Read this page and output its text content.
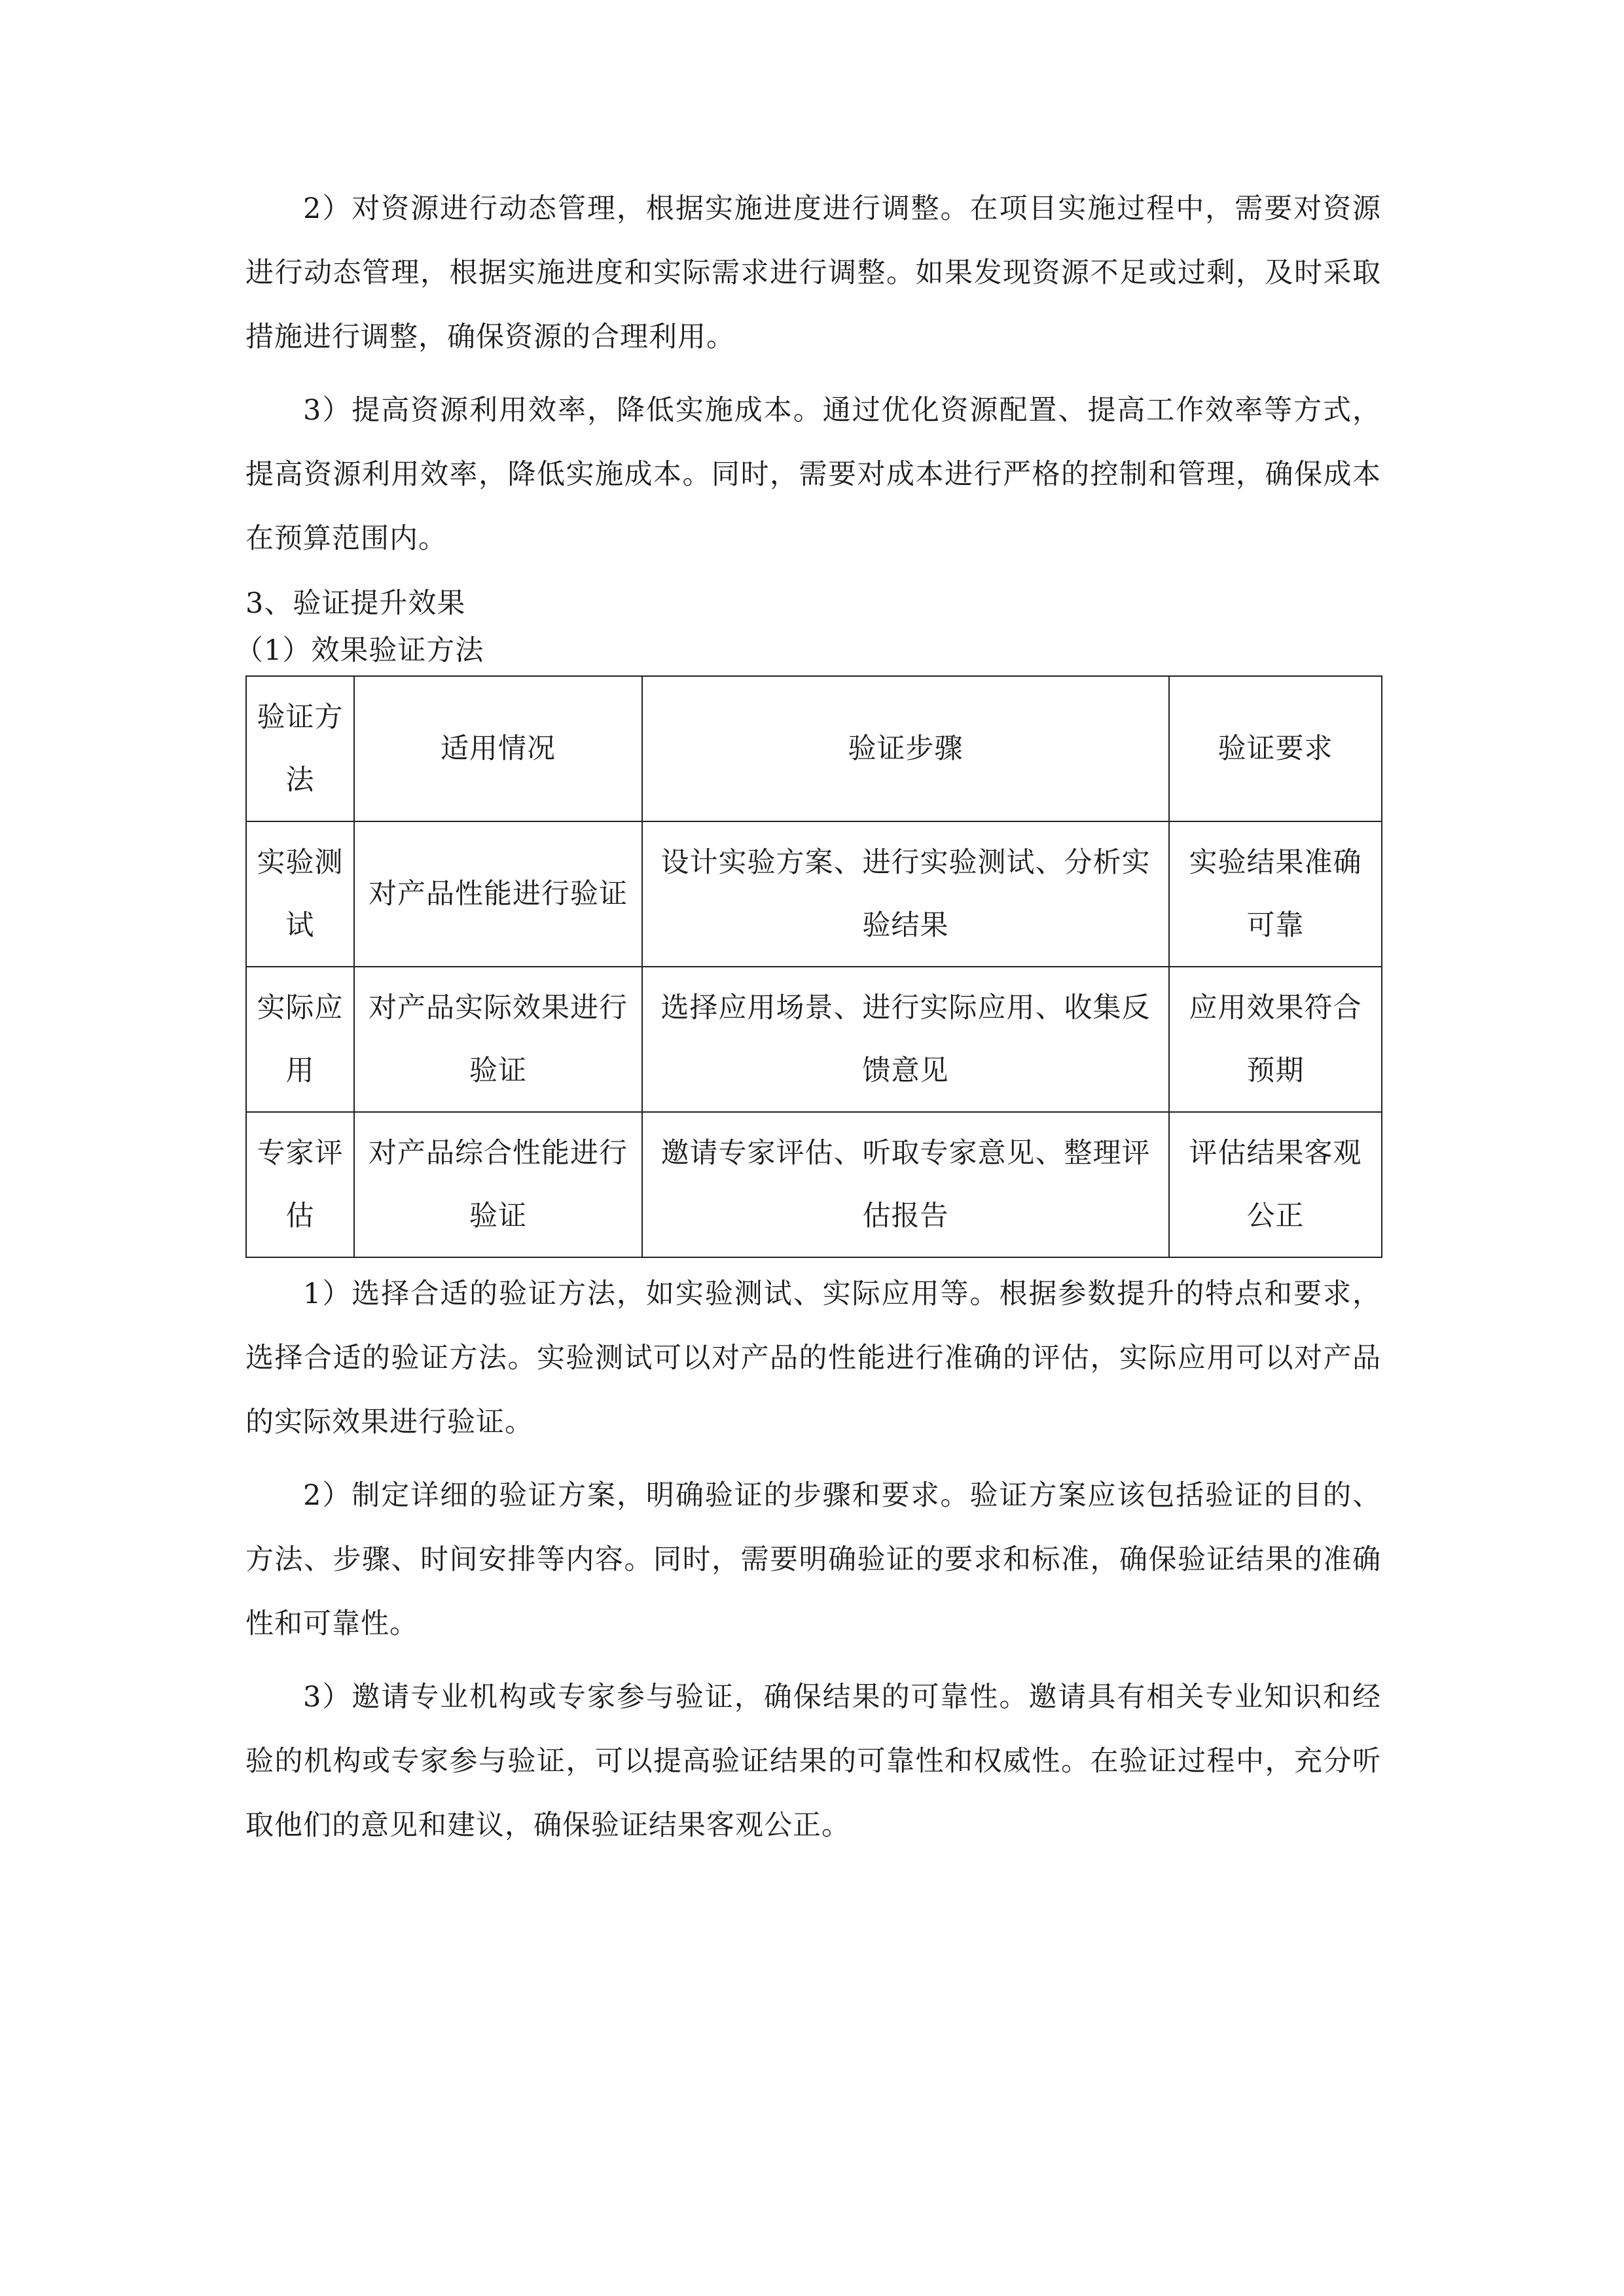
2）对资源进行动态管理，根据实施进度进行调整。在项目实施过程中，需要对资源进行动态管理，根据实施进度和实际需求进行调整。如果发现资源不足或过剩，及时采取措施进行调整，确保资源的合理利用。

3）提高资源利用效率，降低实施成本。通过优化资源配置、提高工作效率等方式，提高资源利用效率，降低实施成本。同时，需要对成本进行严格的控制和管理，确保成本在预算范围内。

3、验证提升效果
（1）效果验证方法
验证方法	适用情况	验证步骤	验证要求
实验测试	对产品性能进行验证	设计实验方案、进行实验测试、分析实验结果	实验结果准确可靠
实际应用	对产品实际效果进行验证	选择应用场景、进行实际应用、收集反馈意见	应用效果符合预期
专家评估	对产品综合性能进行验证	邀请专家评估、听取专家意见、整理评估报告	评估结果客观公正

1）选择合适的验证方法，如实验测试、实际应用等。根据参数提升的特点和要求，选择合适的验证方法。实验测试可以对产品的性能进行准确的评估，实际应用可以对产品的实际效果进行验证。

2）制定详细的验证方案，明确验证的步骤和要求。验证方案应该包括验证的目的、方法、步骤、时间安排等内容。同时，需要明确验证的要求和标准，确保验证结果的准确性和可靠性。

3）邀请专业机构或专家参与验证，确保结果的可靠性。邀请具有相关专业知识和经验的机构或专家参与验证，可以提高验证结果的可靠性和权威性。在验证过程中，充分听取他们的意见和建议，确保验证结果客观公正。
